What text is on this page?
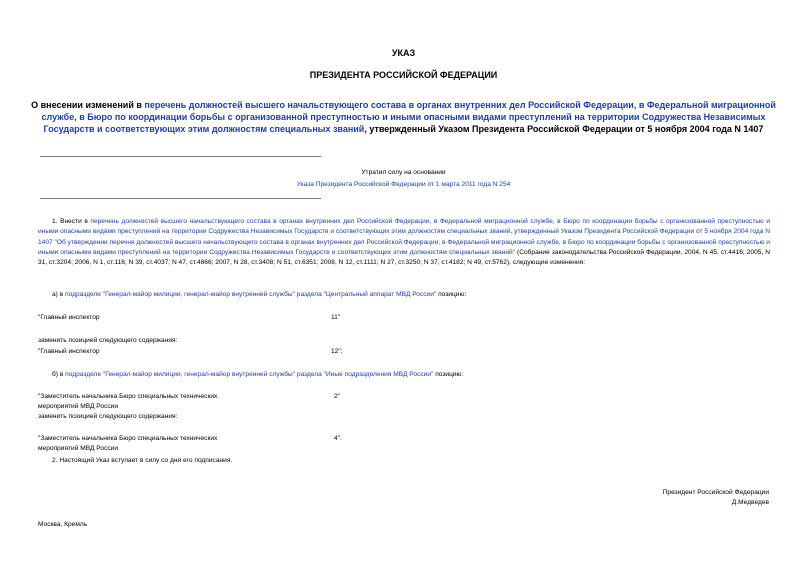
УКАЗ
ПРЕЗИДЕНТА РОССИЙСКОЙ ФЕДЕРАЦИИ
О внесении изменений в перечень должностей высшего начальствующего состава в органах внутренних дел Российской Федерации, в Федеральной миграционной службе, в Бюро по координации борьбы с организованной преступностью и иными опасными видами преступлений на территории Содружества Независимых Государств и соответствующих этим должностям специальных званий, утвержденный Указом Президента Российской Федерации от 5 ноября 2004 года N 1407
Утратил силу на основании
Указа Президента Российской Федерации от 1 марта 2011 года N 254
1. Внести в перечень должностей высшего начальствующего состава в органах внутренних дел Российской Федерации, в Федеральной миграционной службе, в Бюро по координации борьбы с организованной преступностью и иными опасными видами преступлений на территории Содружества Независимых Государств и соответствующих этим должностям специальных званий, утвержденный Указом Президента Российской Федерации от 5 ноября 2004 года N 1407 "Об утверждении перечня должностей высшего начальствующего состава в органах внутренних дел Российской Федерации, в Федеральной миграционной службе, в Бюро по координации борьбы с организованной преступностью и иными опасными видами преступлений на территории Содружества Независимых Государств и соответствующих этим должностям специальных званий" (Собрание законодательства Российской Федерации, 2004, N 45, ст.4416; 2005, N 31, ст.3204; 2006, N 1, ст.116; N 39, ст.4037; N 47, ст.4866; 2007, N 28, ст.3408; N 51, ст.6351; 2008, N 12, ст.1111; N 27, ст.3250; N 37, ст.4182; N 49, ст.5762), следующие изменения:
а) в подразделе "Генерал-майор милиции, генерал-майор внутренней службы" раздела "Центральный аппарат МВД России" позицию:
"Главный инспектор	11"
заменить позицией следующего содержания:
"Главный инспектор	12";
б) в подразделе "Генерал-майор милиции, генерал-майор внутренней службы" раздела "Иные подразделения МВД России" позицию:
"Заместитель начальника Бюро специальных технических мероприятий МВД России
2"
заменить позицией следующего содержания:
"Заместитель начальника Бюро специальных технических мероприятий МВД России
4".
2. Настоящий Указ вступает в силу со дня его подписания.
Президент Российской Федерации
Д.Медведев
Москва, Кремль
